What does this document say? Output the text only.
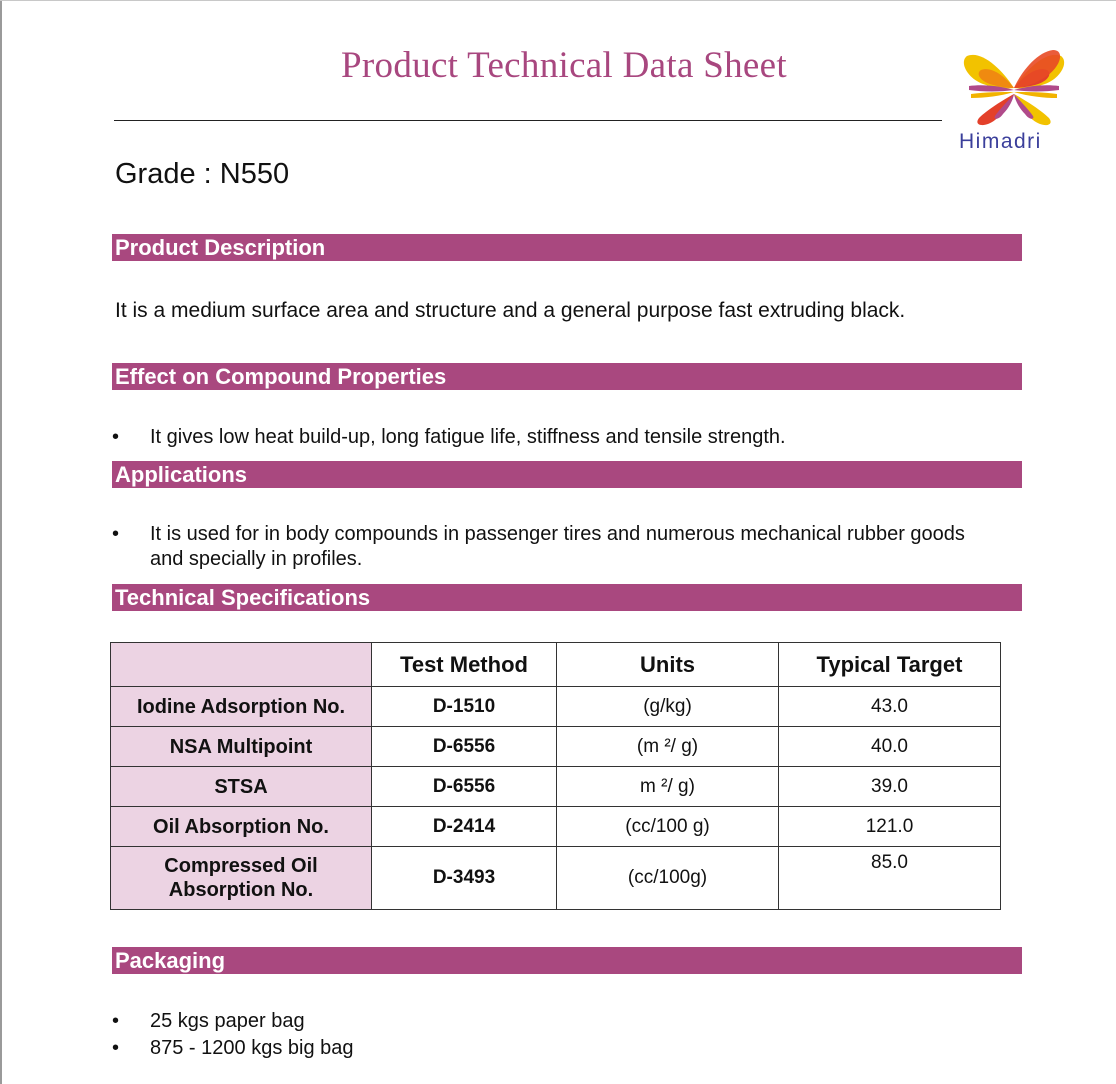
Product Technical Data Sheet
Himadri
Grade : N550
Product Description
It is a medium surface area and structure and a general purpose fast extruding black.
Effect on Compound Properties
•	It gives low heat build-up, long fatigue life, stiffness and tensile strength.
Applications
•	It is used for in body compounds in passenger tires and numerous mechanical rubber goods and specially in profiles.
Technical Specifications
	Test Method	Units	Typical Target
Iodine Adsorption No.	D-1510	(g/kg)	43.0
NSA Multipoint	D-6556	(m ²/ g)	40.0
STSA	D-6556	m ²/ g)	39.0
Oil Absorption No.	D-2414	(cc/100 g)	121.0
Compressed Oil Absorption No.	D-3493	(cc/100g)	85.0
Packaging
•	25 kgs paper bag
•	875 - 1200 kgs big bag
